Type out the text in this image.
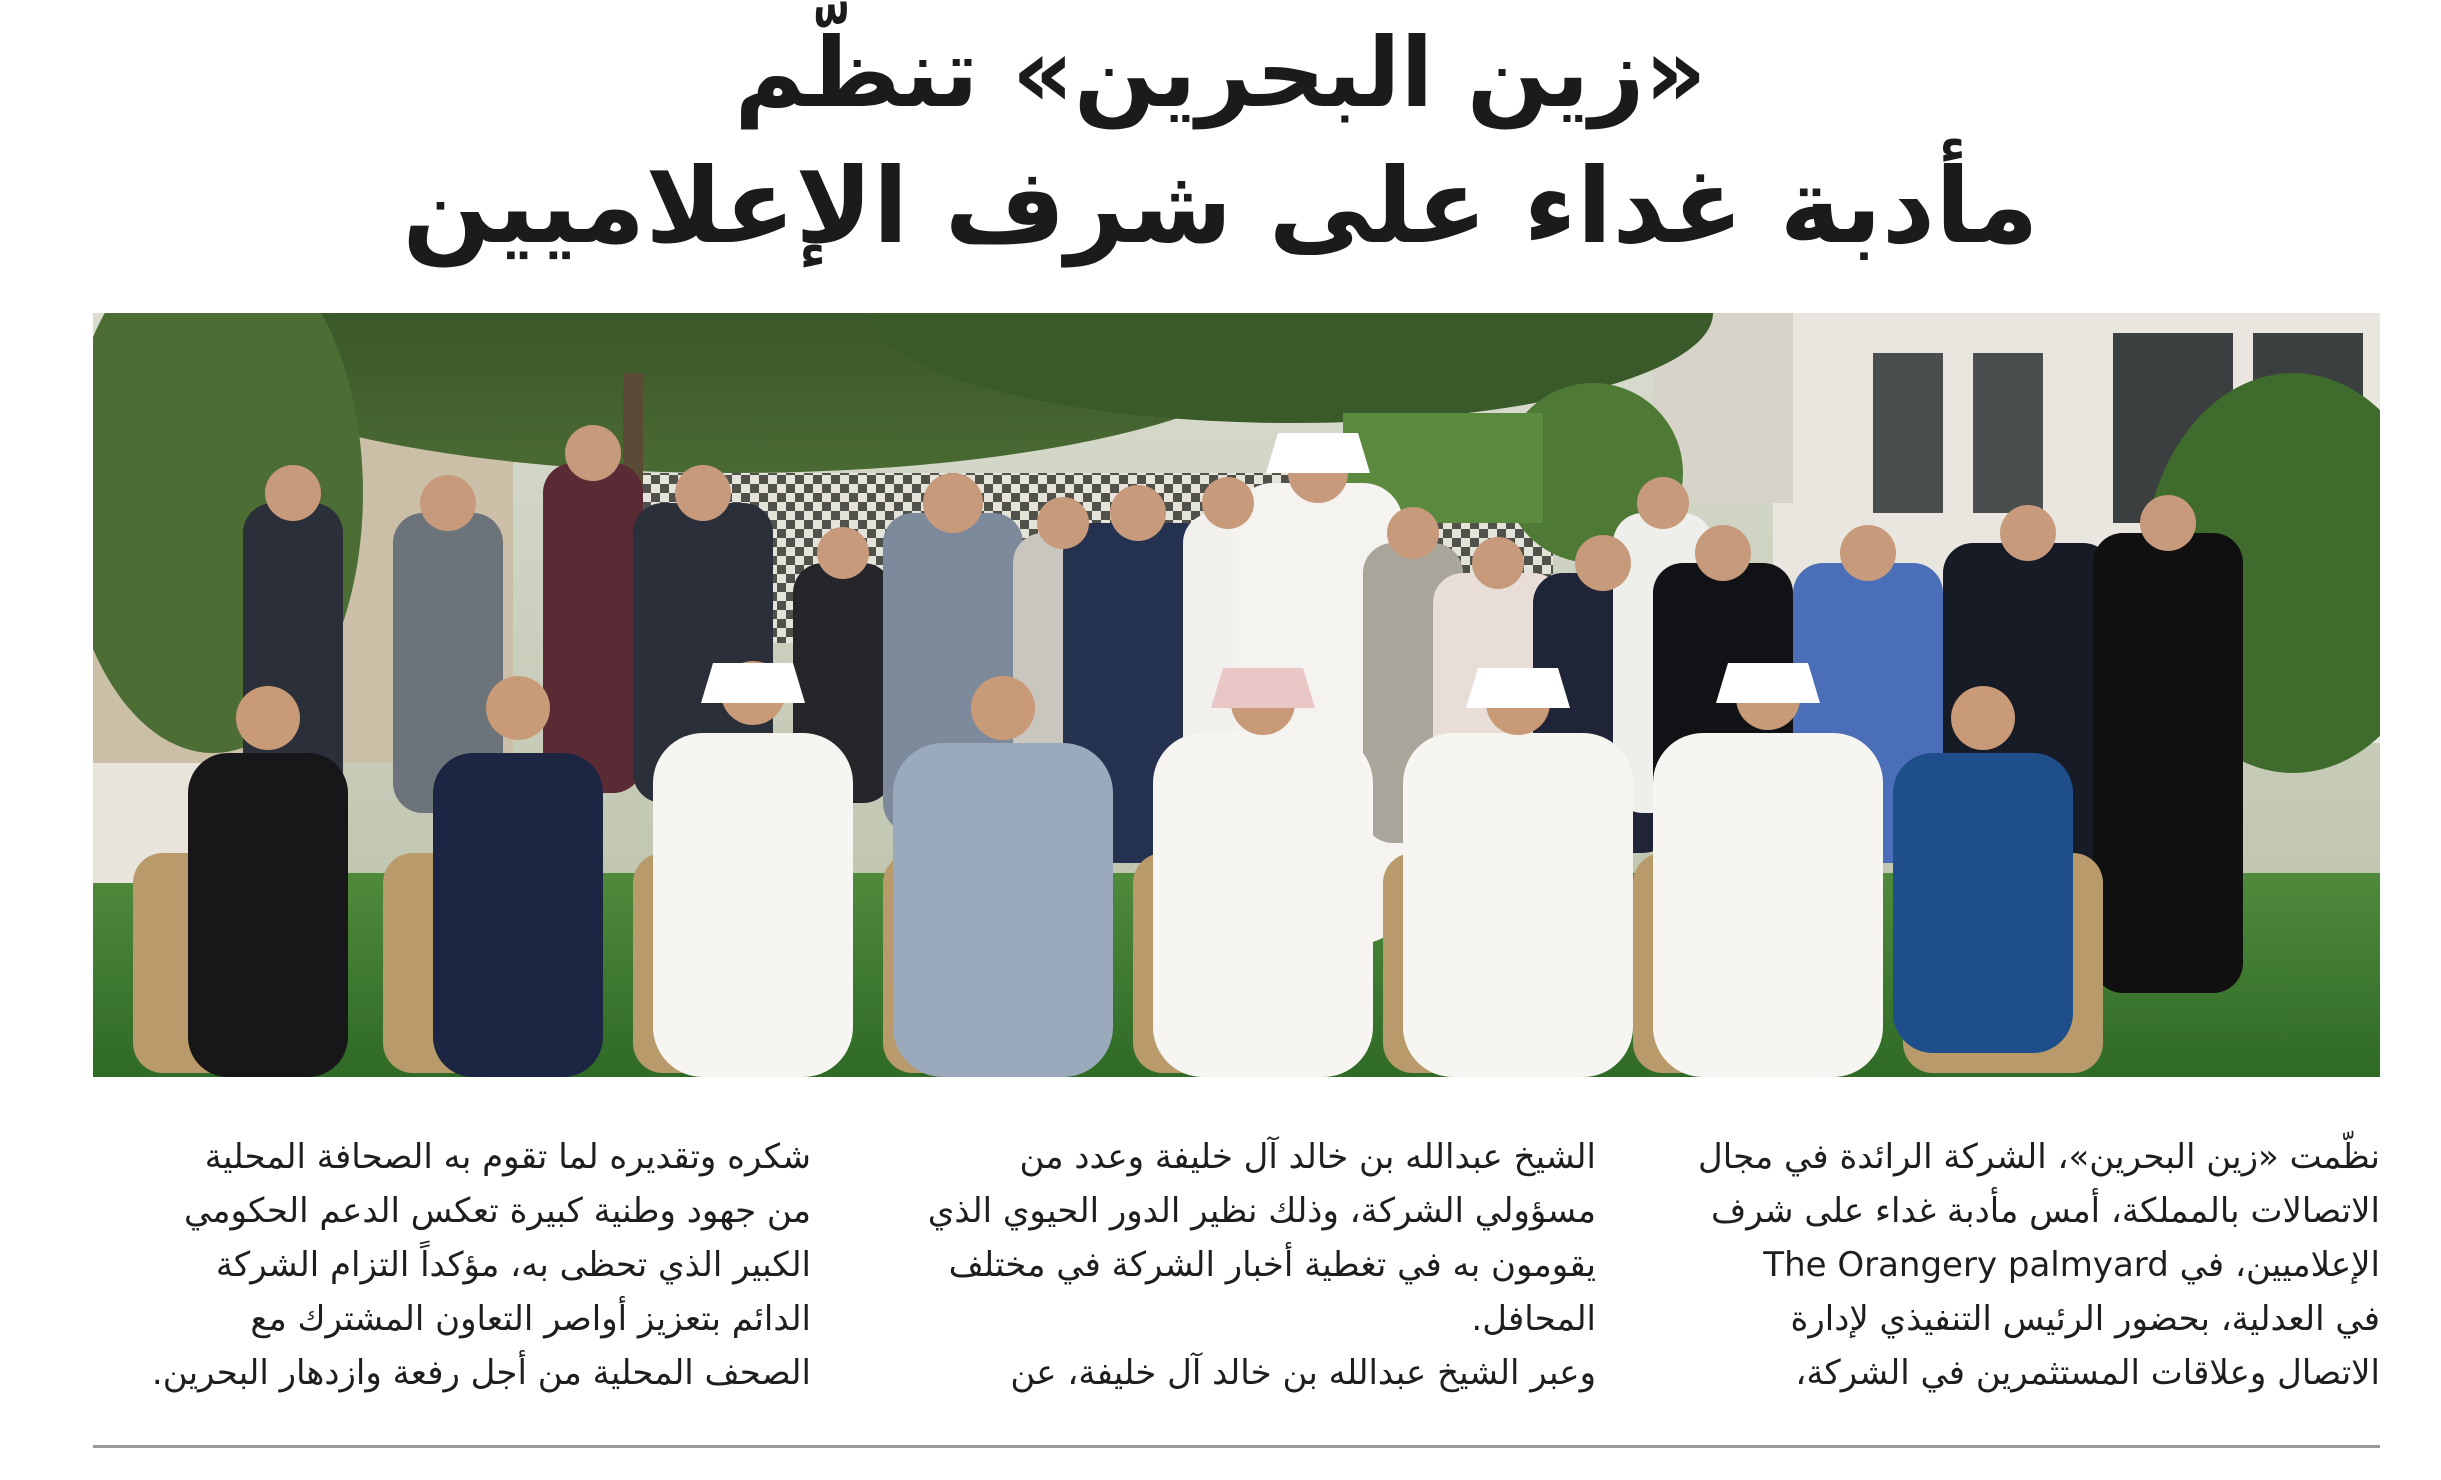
«زين البحرين» تنظّم
مأدبة غداء على شرف الإعلاميين

نظّمت «زين البحرين»، الشركة الرائدة في مجال

الاتصالات بالمملكة، أمس مأدبة غداء على شرف

الإعلاميين، في The Orangery palmyard

في العدلية، بحضور الرئيس التنفيذي لإدارة

الاتصال وعلاقات المستثمرين في الشركة،

الشيخ عبدالله بن خالد آل خليفة وعدد من

مسؤولي الشركة، وذلك نظير الدور الحيوي الذي

يقومون به في تغطية أخبار الشركة في مختلف

المحافل.

وعبر الشيخ عبدالله بن خالد آل خليفة، عن

شكره وتقديره لما تقوم به الصحافة المحلية

من جهود وطنية كبيرة تعكس الدعم الحكومي

الكبير الذي تحظى به، مؤكداً التزام الشركة

الدائم بتعزيز أواصر التعاون المشترك مع

الصحف المحلية من أجل رفعة وازدهار البحرين.
